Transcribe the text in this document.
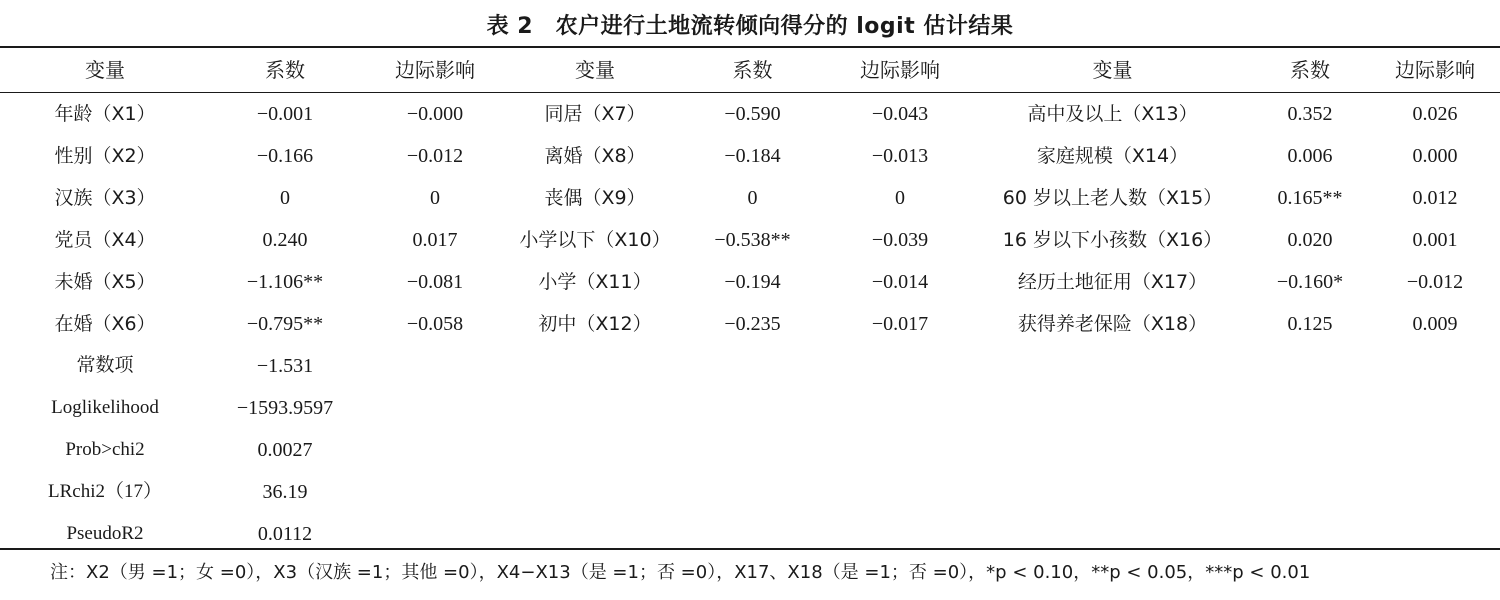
表 2　农户进行土地流转倾向得分的 logit 估计结果
变量	系数	边际影响	变量	系数	边际影响	变量	系数	边际影响
年龄（X1）	−0.001	−0.000	同居（X7）	−0.590	−0.043	高中及以上（X13）	0.352	0.026
性别（X2）	−0.166	−0.012	离婚（X8）	−0.184	−0.013	家庭规模（X14）	0.006	0.000
汉族（X3）	0	0	丧偶（X9）	0	0	60 岁以上老人数（X15）	0.165**	0.012
党员（X4）	0.240	0.017	小学以下（X10）	−0.538**	−0.039	16 岁以下小孩数（X16）	0.020	0.001
未婚（X5）	−1.106**	−0.081	小学（X11）	−0.194	−0.014	经历土地征用（X17）	−0.160*	−0.012
在婚（X6）	−0.795**	−0.058	初中（X12）	−0.235	−0.017	获得养老保险（X18）	0.125	0.009
常数项	−1.531
Loglikelihood	−1593.9597
Prob>chi2	0.0027
LRchi2（17）	36.19
PseudoR2	0.0112
注：X2（男 =1；女 =0），X3（汉族 =1；其他 =0），X4−X13（是 =1；否 =0），X17、X18（是 =1；否 =0），*p < 0.10，**p < 0.05，***p < 0.01
